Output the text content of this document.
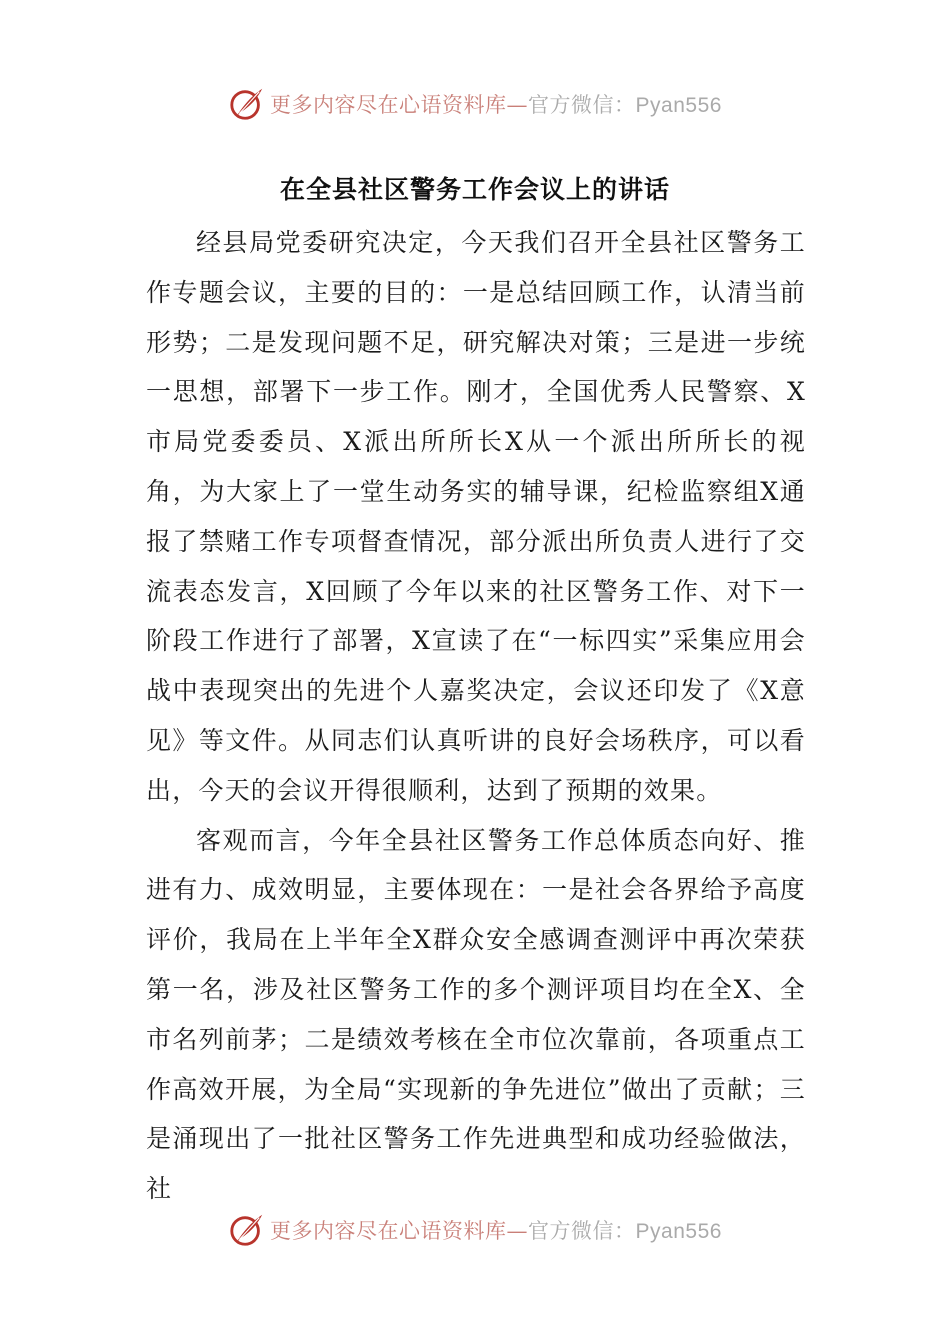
更多内容尽在心语资料库—官方微信：Pyan556
在全县社区警务工作会议上的讲话

经县局党委研究决定，今天我们召开全县社区警务工作专题会议，主要的目的：一是总结回顾工作，认清当前形势；二是发现问题不足，研究解决对策；三是进一步统一思想，部署下一步工作。刚才，全国优秀人民警察、X市局党委委员、X派出所所长X从一个派出所所长的视角，为大家上了一堂生动务实的辅导课，纪检监察组X通报了禁赌工作专项督查情况，部分派出所负责人进行了交流表态发言，X回顾了今年以来的社区警务工作、对下一阶段工作进行了部署，X宣读了在“一标四实”采集应用会战中表现突出的先进个人嘉奖决定，会议还印发了《X意见》等文件。从同志们认真听讲的良好会场秩序，可以看出，今天的会议开得很顺利，达到了预期的效果。

客观而言，今年全县社区警务工作总体质态向好、推进有力、成效明显，主要体现在：一是社会各界给予高度评价，我局在上半年全X群众安全感调查测评中再次荣获第一名，涉及社区警务工作的多个测评项目均在全X、全市名列前茅；二是绩效考核在全市位次靠前，各项重点工作高效开展，为全局“实现新的争先进位”做出了贡献；三是涌现出了一批社区警务工作先进典型和成功经验做法，社

更多内容尽在心语资料库—官方微信：Pyan556
